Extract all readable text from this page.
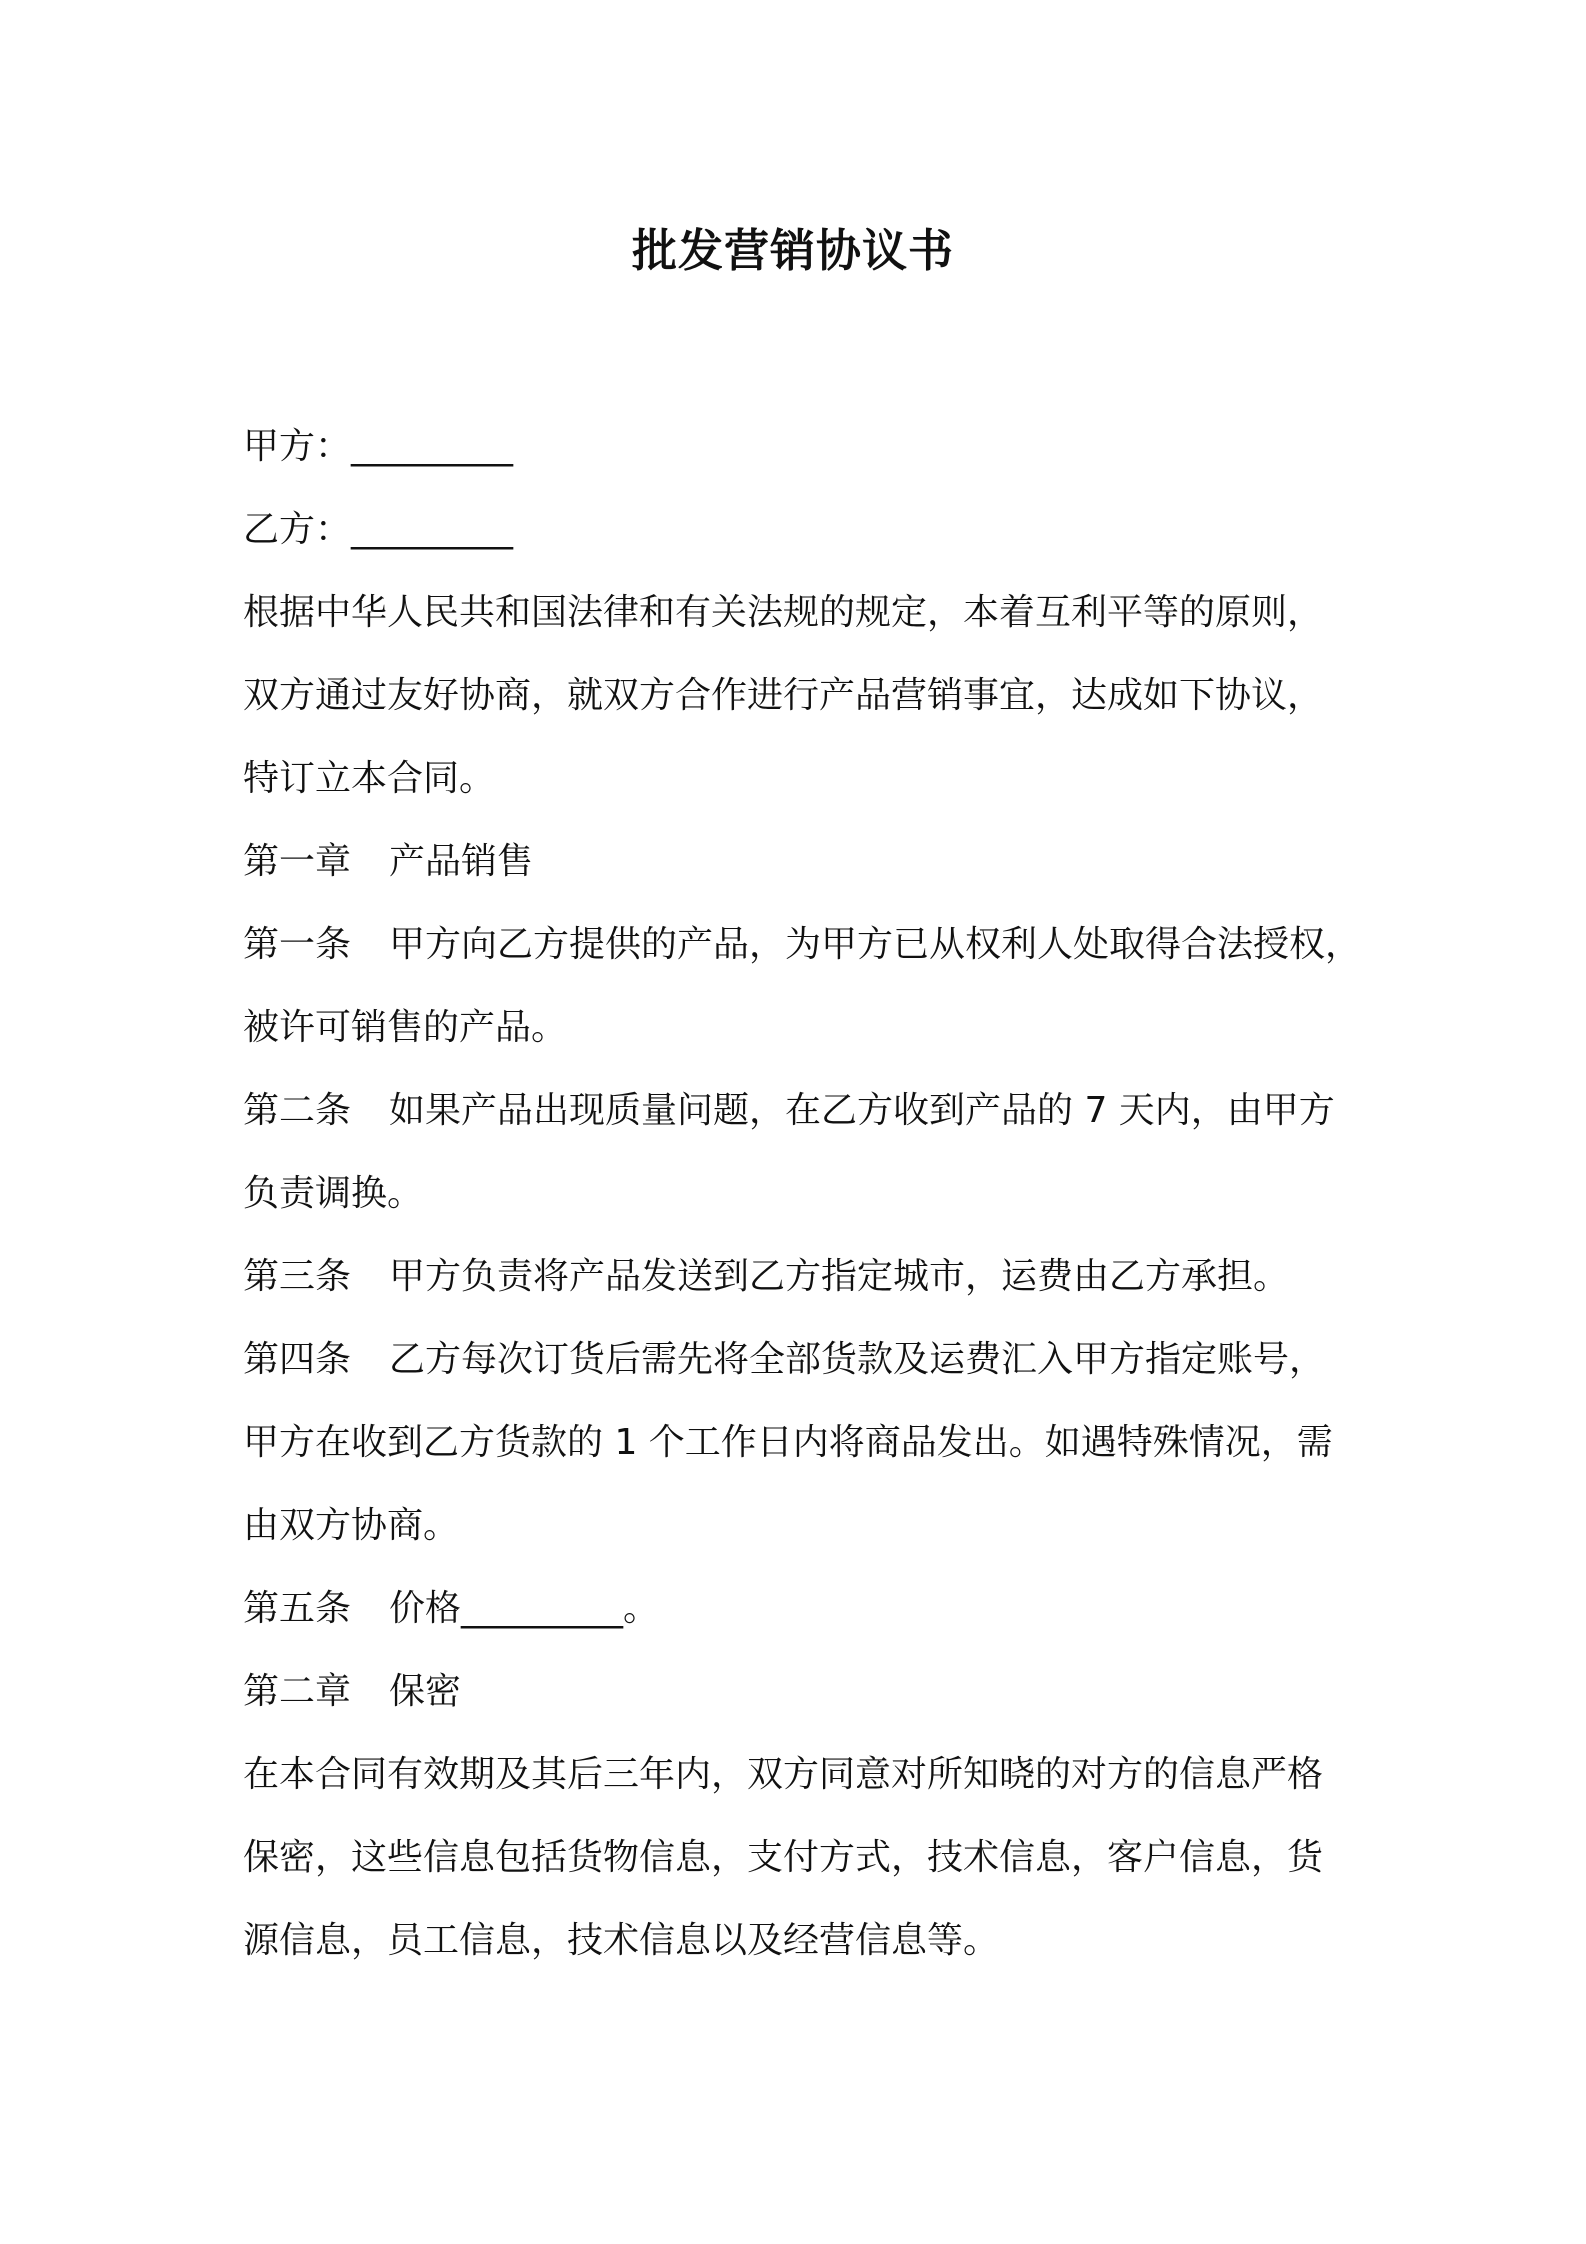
批发营销协议书
甲方：_________
乙方：_________
根据中华人民共和国法律和有关法规的规定，本着互利平等的原则，
双方通过友好协商，就双方合作进行产品营销事宜，达成如下协议，
特订立本合同。
第一章 产品销售
第一条 甲方向乙方提供的产品，为甲方已从权利人处取得合法授权，
被许可销售的产品。
第二条 如果产品出现质量问题，在乙方收到产品的 7 天内，由甲方
负责调换。
第三条 甲方负责将产品发送到乙方指定城市，运费由乙方承担。
第四条 乙方每次订货后需先将全部货款及运费汇入甲方指定账号，
甲方在收到乙方货款的 1 个工作日内将商品发出。如遇特殊情况，需
由双方协商。
第五条 价格_________。
第二章 保密
在本合同有效期及其后三年内，双方同意对所知晓的对方的信息严格
保密，这些信息包括货物信息，支付方式，技术信息，客户信息，货
源信息，员工信息，技术信息以及经营信息等。
